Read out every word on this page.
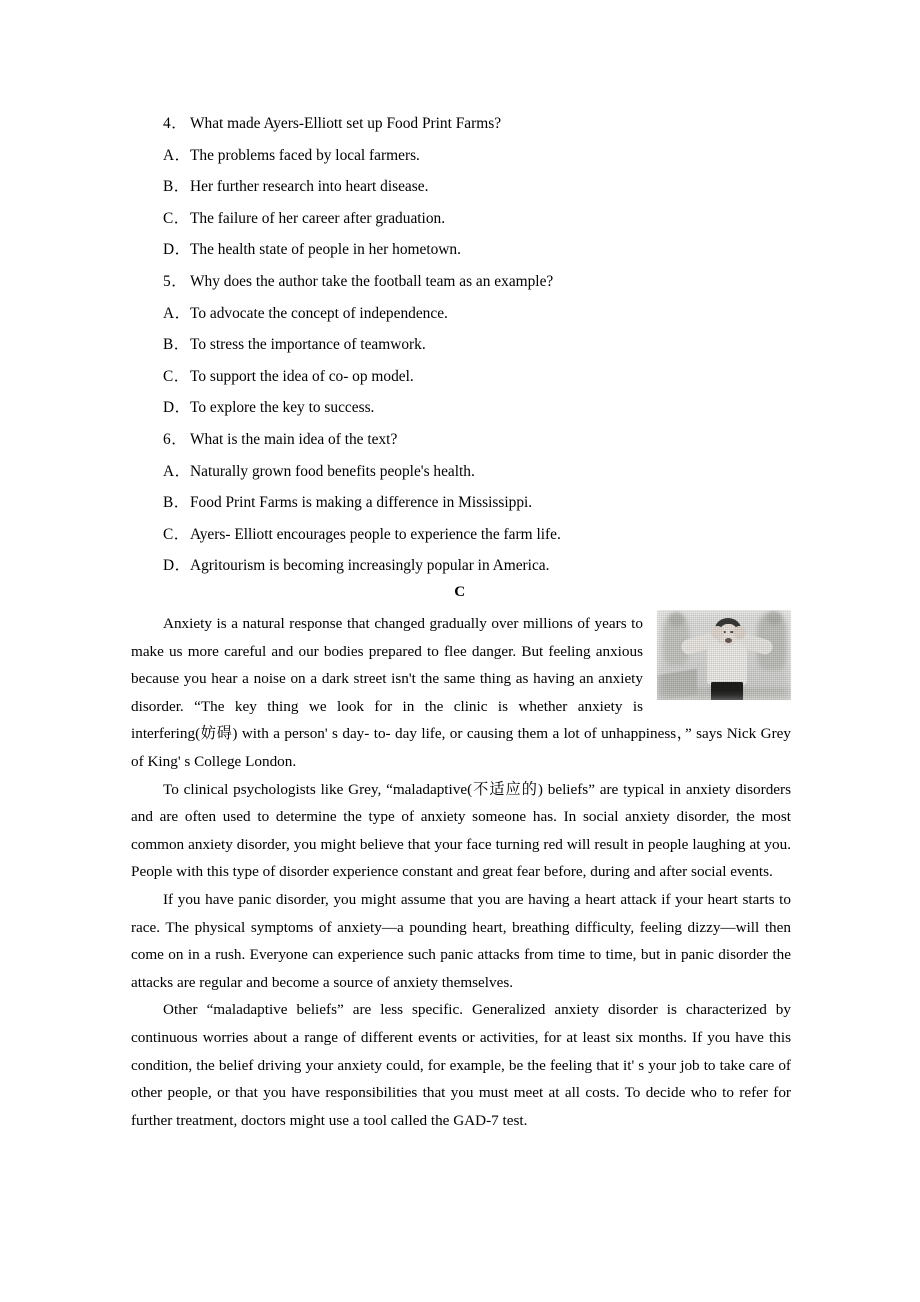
4． What made Ayers-Elliott set up Food Print Farms?
A． The problems faced by local farmers.
B． Her further research into heart disease.
C． The failure of her career after graduation.
D． The health state of people in her hometown.
5． Why does the author take the football team as an example?
A． To advocate the concept of independence.
B． To stress the importance of teamwork.
C． To support the idea of co- op model.
D． To explore the key to success.
6． What is the main idea of the text?
A． Naturally grown food benefits people's health.
B． Food Print Farms is making a difference in Mississippi.
C． Ayers- Elliott encourages people to experience the farm life.
D． Agritourism is becoming increasingly popular in America.
C

Anxiety is a natural response that changed gradually over millions of years to make us more careful and our bodies prepared to flee danger. But feeling anxious because you hear a noise on a dark street isn't the same thing as having an anxiety disorder. “The key thing we look for in the clinic is whether anxiety is interfering(妨碍) with a person' s day- to- day life, or causing them a lot of unhappiness，” says Nick Grey of King' s College London.

To clinical psychologists like Grey, “maladaptive(不适应的) beliefs” are typical in anxiety disorders and are often used to determine the type of anxiety someone has. In social anxiety disorder, the most common anxiety disorder, you might believe that your face turning red will result in people laughing at you. People with this type of disorder experience constant and great fear before, during and after social events.

If you have panic disorder, you might assume that you are having a heart attack if your heart starts to race. The physical symptoms of anxiety—a pounding heart, breathing difficulty, feeling dizzy—will then come on in a rush. Everyone can experience such panic attacks from time to time, but in panic disorder the attacks are regular and become a source of anxiety themselves.

Other “maladaptive beliefs” are less specific. Generalized anxiety disorder is characterized by continuous worries about a range of different events or activities, for at least six months. If you have this condition, the belief driving your anxiety could, for example, be the feeling that it' s your job to take care of other people, or that you have responsibilities that you must meet at all costs. To decide who to refer for further treatment, doctors might use a tool called the GAD-7 test.
